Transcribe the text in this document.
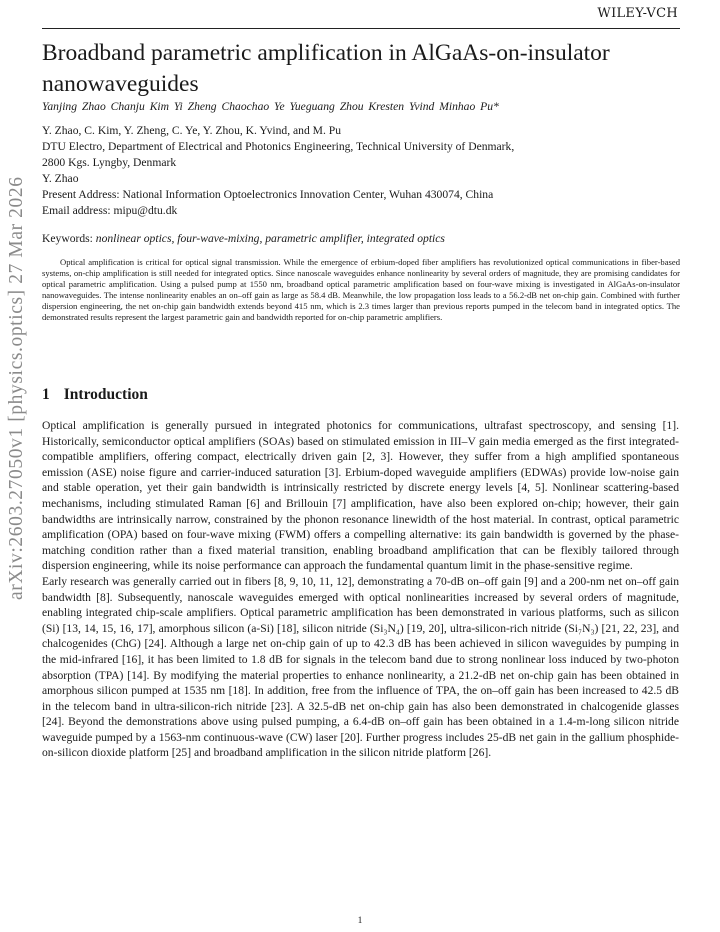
WILEY-VCH
Broadband parametric amplification in AlGaAs-on-insulator nanowaveguides
Yanjing Zhao Chanju Kim Yi Zheng Chaochao Ye Yueguang Zhou Kresten Yvind Minhao Pu*
Y. Zhao, C. Kim, Y. Zheng, C. Ye, Y. Zhou, K. Yvind, and M. Pu
DTU Electro, Department of Electrical and Photonics Engineering, Technical University of Denmark,
2800 Kgs. Lyngby, Denmark
Y. Zhao
Present Address: National Information Optoelectronics Innovation Center, Wuhan 430074, China
Email address: mipu@dtu.dk
Keywords: nonlinear optics, four-wave-mixing, parametric amplifier, integrated optics
Optical amplification is critical for optical signal transmission. While the emergence of erbium-doped fiber amplifiers has revolutionized optical communications in fiber-based systems, on-chip amplification is still needed for integrated optics. Since nanoscale waveguides enhance nonlinearity by several orders of magnitude, they are promising candidates for optical parametric amplification. Using a pulsed pump at 1550 nm, broadband optical parametric amplification based on four-wave mixing is investigated in AlGaAs-on-insulator nanowaveguides. The intense nonlinearity enables an on–off gain as large as 58.4 dB. Meanwhile, the low propagation loss leads to a 56.2-dB net on-chip gain. Combined with further dispersion engineering, the net on-chip gain bandwidth extends beyond 415 nm, which is 2.3 times larger than previous reports pumped in the telecom band in integrated optics. The demonstrated results represent the largest parametric gain and bandwidth reported for on-chip parametric amplifiers.
1 Introduction

Optical amplification is generally pursued in integrated photonics for communications, ultrafast spectroscopy, and sensing [1]. Historically, semiconductor optical amplifiers (SOAs) based on stimulated emission in III–V gain media emerged as the first integrated-compatible amplifiers, offering compact, electrically driven gain [2, 3]. However, they suffer from a high amplified spontaneous emission (ASE) noise figure and carrier-induced saturation [3]. Erbium-doped waveguide amplifiers (EDWAs) provide low-noise gain and stable operation, yet their gain bandwidth is intrinsically restricted by discrete energy levels [4, 5]. Nonlinear scattering-based mechanisms, including stimulated Raman [6] and Brillouin [7] amplification, have also been explored on-chip; however, their gain bandwidths are intrinsically narrow, constrained by the phonon resonance linewidth of the host material. In contrast, optical parametric amplification (OPA) based on four-wave mixing (FWM) offers a compelling alternative: its gain bandwidth is governed by the phase-matching condition rather than a fixed material transition, enabling broadband amplification that can be flexibly tailored through dispersion engineering, while its noise performance can approach the fundamental quantum limit in the phase-sensitive regime.

Early research was generally carried out in fibers [8, 9, 10, 11, 12], demonstrating a 70-dB on–off gain [9] and a 200-nm net on–off gain bandwidth [8]. Subsequently, nanoscale waveguides emerged with optical nonlinearities increased by several orders of magnitude, enabling integrated chip-scale amplifiers. Optical parametric amplification has been demonstrated in various platforms, such as silicon (Si) [13, 14, 15, 16, 17], amorphous silicon (a-Si) [18], silicon nitride (Si₃N₄) [19, 20], ultra-silicon-rich nitride (Si₇N₃) [21, 22, 23], and chalcogenides (ChG) [24]. Although a large net on-chip gain of up to 42.3 dB has been achieved in silicon waveguides by pumping in the mid-infrared [16], it has been limited to 1.8 dB for signals in the telecom band due to strong nonlinear loss induced by two-photon absorption (TPA) [14]. By modifying the material properties to enhance nonlinearity, a 21.2-dB net on-chip gain has been obtained in amorphous silicon pumped at 1535 nm [18]. In addition, free from the influence of TPA, the on–off gain has been increased to 42.5 dB in the telecom band in ultra-silicon-rich nitride [23]. A 32.5-dB net on-chip gain has also been demonstrated in chalcogenide glasses [24]. Beyond the demonstrations above using pulsed pumping, a 6.4-dB on–off gain has been obtained in a 1.4-m-long silicon nitride waveguide pumped by a 1563-nm continuous-wave (CW) laser [20]. Further progress includes 25-dB net gain in the gallium phosphide-on-silicon dioxide platform [25] and broadband amplification in the silicon nitride platform [26].

arXiv:2603.27050v1 [physics.optics] 27 Mar 2026
1
